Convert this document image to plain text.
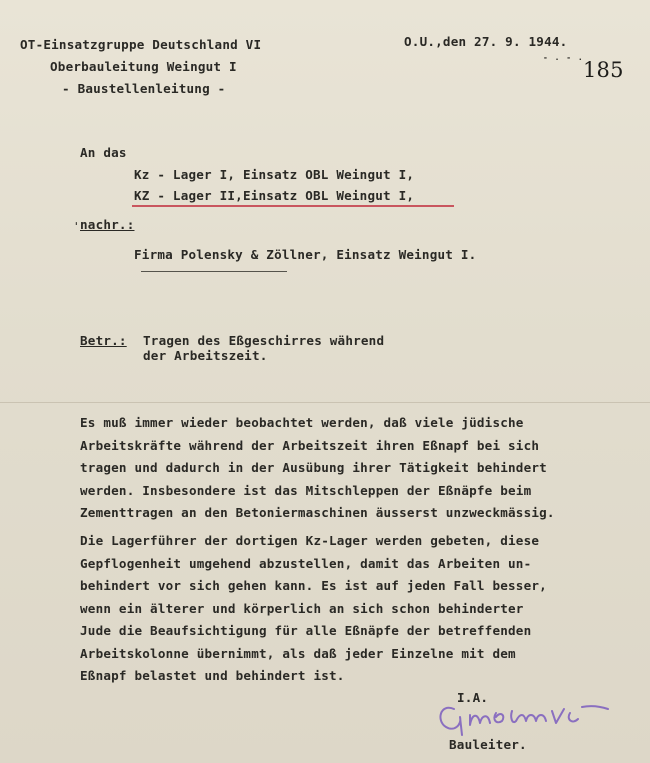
OT-Einsatzgruppe Deutschland VI
Oberbauleitung Weingut I
- Baustellenleitung -
O.U.,den 27. 9. 1944.
- . - .
185
An das
Kz - Lager I, Einsatz OBL Weingut I,
KZ - Lager II,Einsatz OBL Weingut I,
ˌ nachr.:
Firma Polensky & Zöllner, Einsatz Weingut I.
Betr.: Tragen des Eßgeschirres während
der Arbeitszeit.
Es muß immer wieder beobachtet werden, daß viele jüdische
Arbeitskräfte während der Arbeitszeit ihren Eßnapf bei sich
tragen und dadurch in der Ausübung ihrer Tätigkeit behindert
werden. Insbesondere ist das Mitschleppen der Eßnäpfe beim
Zementtragen an den Betoniermaschinen äusserst unzweckmässig.
Die Lagerführer der dortigen Kz-Lager werden gebeten, diese
Gepflogenheit umgehend abzustellen, damit das Arbeiten un-
behindert vor sich gehen kann. Es ist auf jeden Fall besser,
wenn ein älterer und körperlich an sich schon behinderter
Jude die Beaufsichtigung für alle Eßnäpfe der betreffenden
Arbeitskolonne übernimmt, als daß jeder Einzelne mit dem
Eßnapf belastet und behindert ist.
I.A.
Bauleiter.
